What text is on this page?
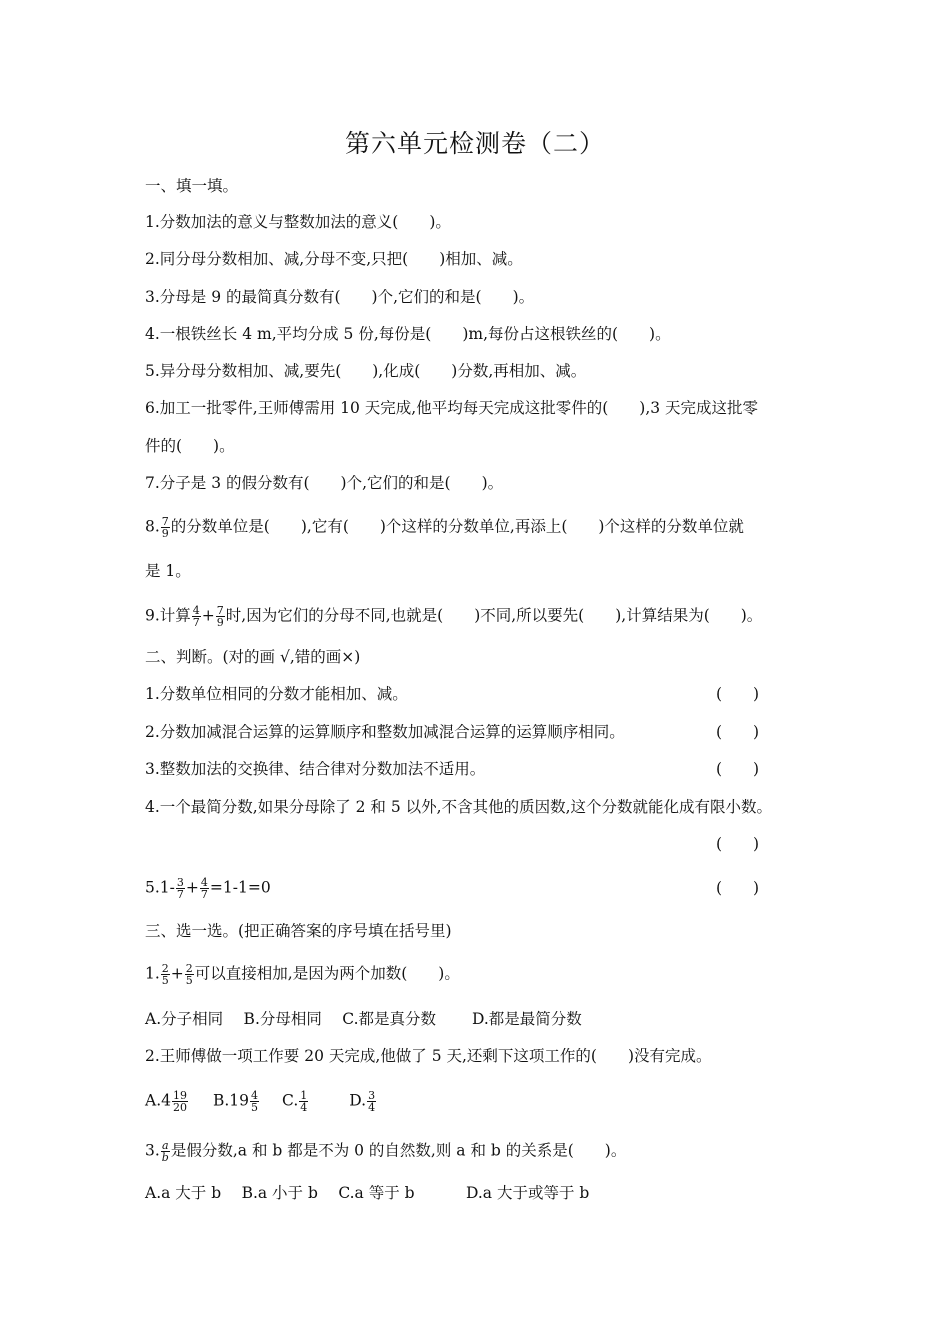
第六单元检测卷（二）
一、填一填。
1.分数加法的意义与整数加法的意义(　　)。
2.同分母分数相加、减,分母不变,只把(　　)相加、减。
3.分母是 9 的最简真分数有(　　)个,它们的和是(　　)。
4.一根铁丝长 4 m,平均分成 5 份,每份是(　　)m,每份占这根铁丝的(　　)。
5.异分母分数相加、减,要先(　　),化成(　　)分数,再相加、减。
6.加工一批零件,王师傅需用 10 天完成,他平均每天完成这批零件的(　　),3 天完成这批零
件的(　　)。
7.分子是 3 的假分数有(　　)个,它们的和是(　　)。
8. $\frac{7}{9}$ 的分数单位是(　　),它有(　　)个这样的分数单位,再添上(　　)个这样的分数单位就
是 1。
9.计算 $\frac{4}{7} + \frac{7}{9}$ 时,因为它们的分母不同,也就是(　　)不同,所以要先(　　),计算结果为(　　)。
二、判断。(对的画 √,错的画×)
1.分数单位相同的分数才能相加、减。	(　　)
2.分数加减混合运算的运算顺序和整数加减混合运算的运算顺序相同。	(　　)
3.整数加法的交换律、结合律对分数加法不适用。	(　　)
4.一个最简分数,如果分母除了 2 和 5 以外,不含其他的质因数,这个分数就能化成有限小数。
(　　)
$5.1- \frac{3}{7} + \frac{4}{7} =1-1=0$	(　　)
三、选一选。(把正确答案的序号填在括号里)
1. $\frac{2}{5} + \frac{2}{5}$ 可以直接相加,是因为两个加数(　　)。
A.分子相同　 B.分母相同　 C.都是真分数　　 D.都是最简分数
2.王师傅做一项工作要 20 天完成,他做了 5 天,还剩下这项工作的(　　)没有完成。
$A.4 \frac{19}{20} B.19 \frac{4}{5} C$. $\frac{1}{4}$	D. $\frac{3}{4}$
3. $\frac{a}{b}$ 是假分数,a 和 b 都是不为 0 的自然数,则 a 和 b 的关系是(　　)。
A.a 大于 b　 B.a 小于 b　 C.a 等于 b　　　 D.a 大于或等于 b
